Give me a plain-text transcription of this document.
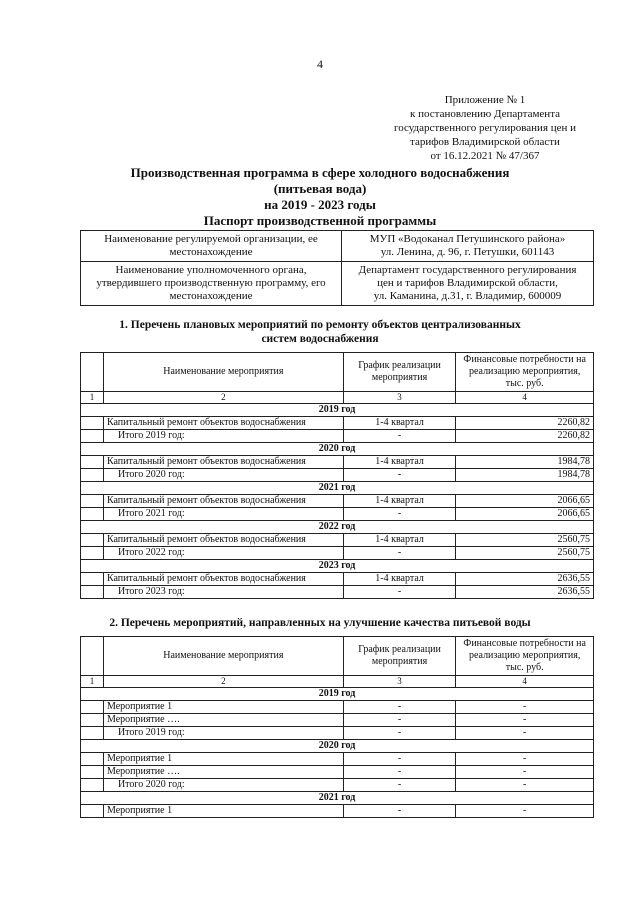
4
Приложение № 1
к постановлению Департамента
государственного регулирования цен и
тарифов Владимирской области
от 16.12.2021 № 47/367
Производственная программа в сфере холодного водоснабжения
(питьевая вода)
на 2019 - 2023 годы
Паспорт производственной программы
Наименование регулируемой организации, ее местонахождение	МУП «Водоканал Петушинского района»
ул. Ленина, д. 96, г. Петушки, 601143

Наименование уполномоченного органа, утвердившего производственную программу, его местонахождение	Департамент государственного регулирования
цен и тарифов Владимирской области,
ул. Каманина, д.31, г. Владимир, 600009
1. Перечень плановых мероприятий по ремонту объектов централизованных
систем водоснабжения
	Наименование мероприятия	График реализации мероприятия	Финансовые потребности на реализацию мероприятия, тыс. руб.
1	2	3	4
2019 год			
	Капитальный ремонт объектов водоснабжения	1-4 квартал	2260,82
	Итого 2019 год:	-	2260,82
2020 год			
	Капитальный ремонт объектов водоснабжения	1-4 квартал	1984,78
	Итого 2020 год:	-	1984,78
2021 год			
	Капитальный ремонт объектов водоснабжения	1-4 квартал	2066,65
	Итого 2021 год:	-	2066,65
2022 год			
	Капитальный ремонт объектов водоснабжения	1-4 квартал	2560,75
	Итого 2022 год:	-	2560,75
2023 год			
	Капитальный ремонт объектов водоснабжения	1-4 квартал	2636,55
	Итого 2023 год:	-	2636,55
2. Перечень мероприятий, направленных на улучшение качества питьевой воды
	Наименование мероприятия	График реализации мероприятия	Финансовые потребности на реализацию мероприятия, тыс. руб.
1	2	3	4
2019 год			
	Мероприятие 1	-	-
	Мероприятие ….	-	-
	Итого 2019 год:	-	-
2020 год			
	Мероприятие 1	-	-
	Мероприятие ….	-	-
	Итого 2020 год:	-	-
2021 год			
	Мероприятие 1	-	-
